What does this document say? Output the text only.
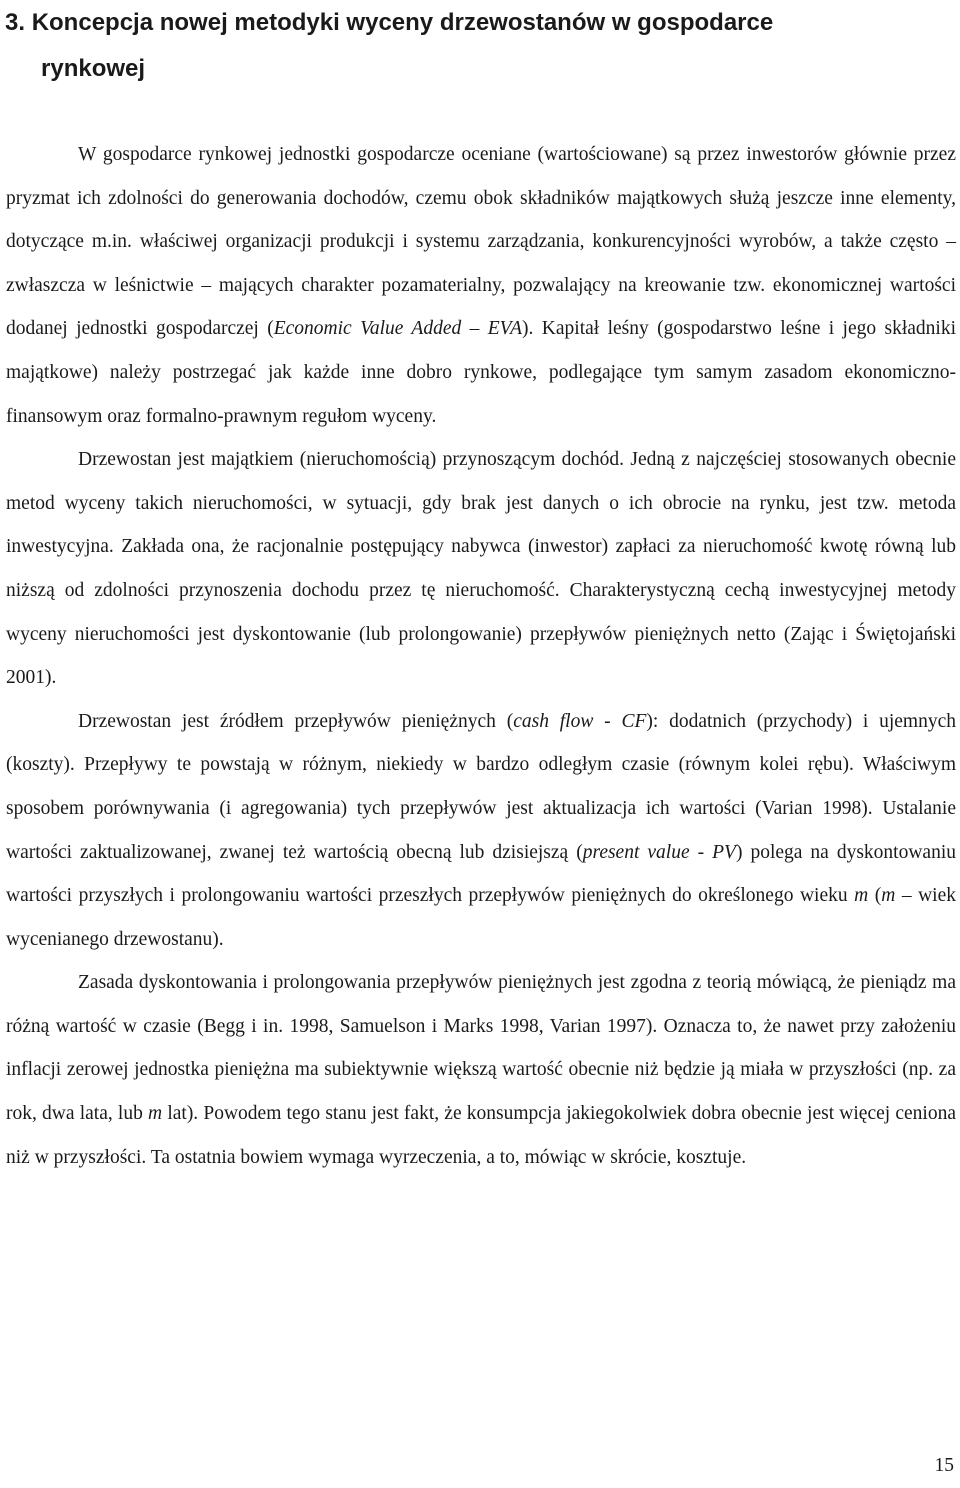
3. Koncepcja nowej metodyki wyceny drzewostanów w gospodarce
rynkowej

W gospodarce rynkowej jednostki gospodarcze oceniane (wartościowane) są przez inwestorów głównie przez pryzmat ich zdolności do generowania dochodów, czemu obok składników majątkowych służą jeszcze inne elementy, dotyczące m.in. właściwej organizacji produkcji i systemu zarządzania, konkurencyjności wyrobów, a także często – zwłaszcza w leśnictwie – mających charakter pozamaterialny, pozwalający na kreowanie tzw. ekonomicznej wartości dodanej jednostki gospodarczej (Economic Value Added – EVA). Kapitał leśny (gospodarstwo leśne i jego składniki majątkowe) należy postrzegać jak każde inne dobro rynkowe, podlegające tym samym zasadom ekonomiczno-finansowym oraz formalno-prawnym regułom wyceny.

Drzewostan jest majątkiem (nieruchomością) przynoszącym dochód. Jedną z najczęściej stosowanych obecnie metod wyceny takich nieruchomości, w sytuacji, gdy brak jest danych o ich obrocie na rynku, jest tzw. metoda inwestycyjna. Zakłada ona, że racjonalnie postępujący nabywca (inwestor) zapłaci za nieruchomość kwotę równą lub niższą od zdolności przynoszenia dochodu przez tę nieruchomość. Charakterystyczną cechą inwestycyjnej metody wyceny nieruchomości jest dyskontowanie (lub prolongowanie) przepływów pieniężnych netto (Zając i Świętojański 2001).

Drzewostan jest źródłem przepływów pieniężnych (cash flow - CF): dodatnich (przychody) i ujemnych (koszty). Przepływy te powstają w różnym, niekiedy w bardzo odległym czasie (równym kolei rębu). Właściwym sposobem porównywania (i agregowania) tych przepływów jest aktualizacja ich wartości (Varian 1998). Ustalanie wartości zaktualizowanej, zwanej też wartością obecną lub dzisiejszą (present value - PV) polega na dyskontowaniu wartości przyszłych i prolongowaniu wartości przeszłych przepływów pieniężnych do określonego wieku m (m – wiek wycenianego drzewostanu).

Zasada dyskontowania i prolongowania przepływów pieniężnych jest zgodna z teorią mówiącą, że pieniądz ma różną wartość w czasie (Begg i in. 1998, Samuelson i Marks 1998, Varian 1997). Oznacza to, że nawet przy założeniu inflacji zerowej jednostka pieniężna ma subiektywnie większą wartość obecnie niż będzie ją miała w przyszłości (np. za rok, dwa lata, lub m lat). Powodem tego stanu jest fakt, że konsumpcja jakiegokolwiek dobra obecnie jest więcej ceniona niż w przyszłości. Ta ostatnia bowiem wymaga wyrzeczenia, a to, mówiąc w skrócie, kosztuje.

15
